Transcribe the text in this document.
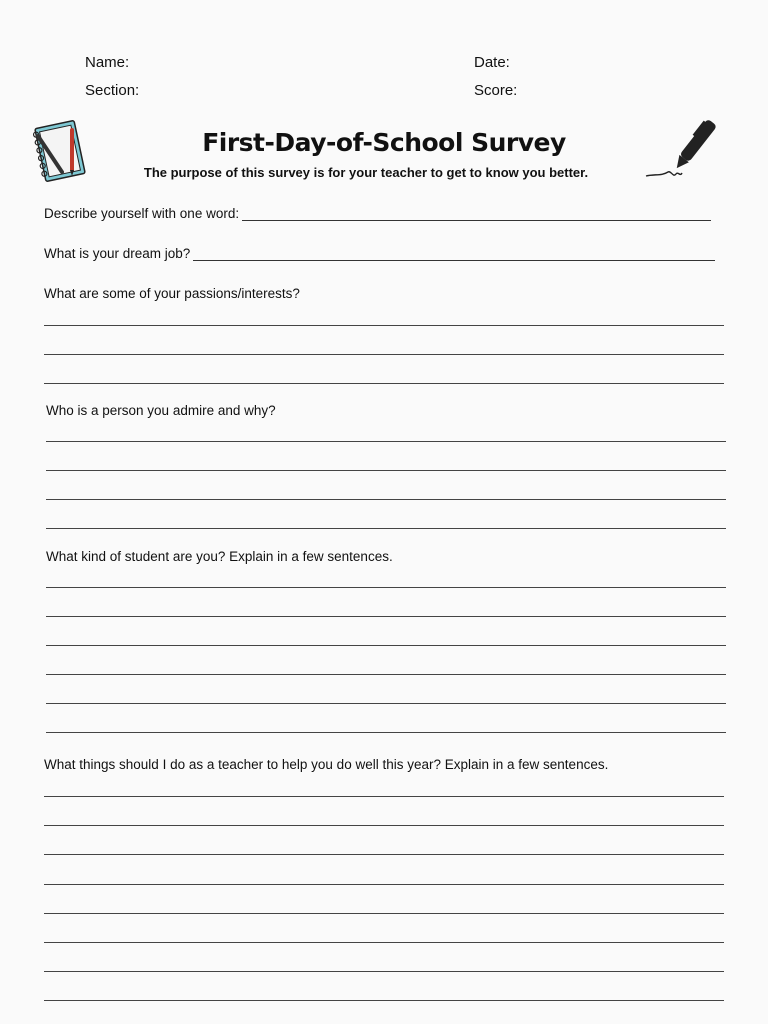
Name:	Date:
Section:	Score:
First-Day-of-School Survey
The purpose of this survey is for your teacher to get to know you better.
Describe yourself with one word:
What is your dream job?
What are some of your passions/interests?
Who is a person you admire and why?
What kind of student are you? Explain in a few sentences.
What things should I do as a teacher to help you do well this year? Explain in a few sentences.
